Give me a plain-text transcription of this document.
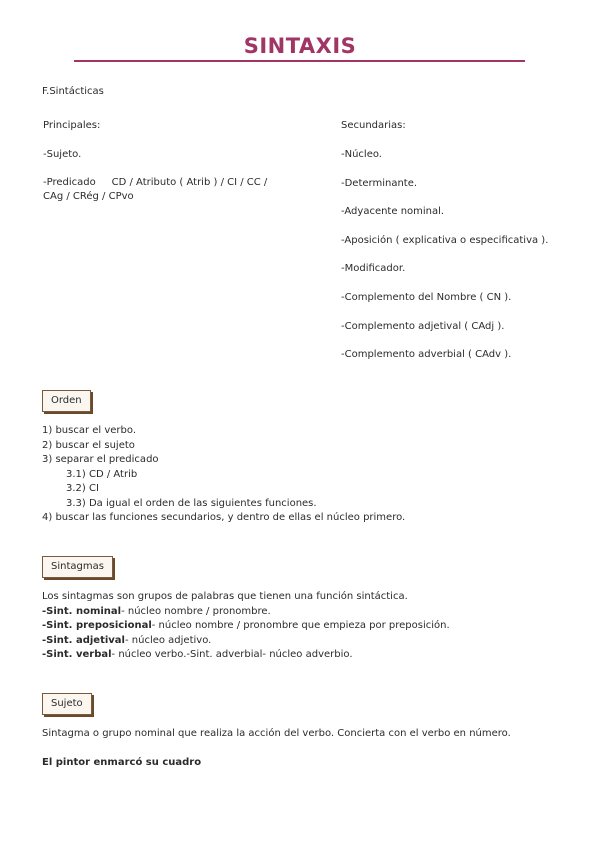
SINTAXIS
F.Sintácticas
Principales:
-Sujeto.
-Predicado     CD / Atributo ( Atrib ) / CI / CC /
CAg / CRég / CPvo
Secundarias:
-Núcleo.
-Determinante.
-Adyacente nominal.
-Aposición ( explicativa o especificativa ).
-Modificador.
-Complemento del Nombre ( CN ).
-Complemento adjetival ( CAdj ).
-Complemento adverbial ( CAdv ).
Orden
1) buscar el verbo.
2) buscar el sujeto
3) separar el predicado
3.1) CD / Atrib
3.2) CI
3.3) Da igual el orden de las siguientes funciones.
4) buscar las funciones secundarios, y dentro de ellas el núcleo primero.
Sintagmas
Los sintagmas son grupos de palabras que tienen una función sintáctica.
-Sint. nominal- núcleo nombre / pronombre.
-Sint. preposicional- núcleo nombre / pronombre que empieza por preposición.
-Sint. adjetival- núcleo adjetivo.
-Sint. verbal- núcleo verbo.-Sint. adverbial- núcleo adverbio.
Sujeto
Sintagma o grupo nominal que realiza la acción del verbo. Concierta con el verbo en número.
El pintor enmarcó su cuadro
